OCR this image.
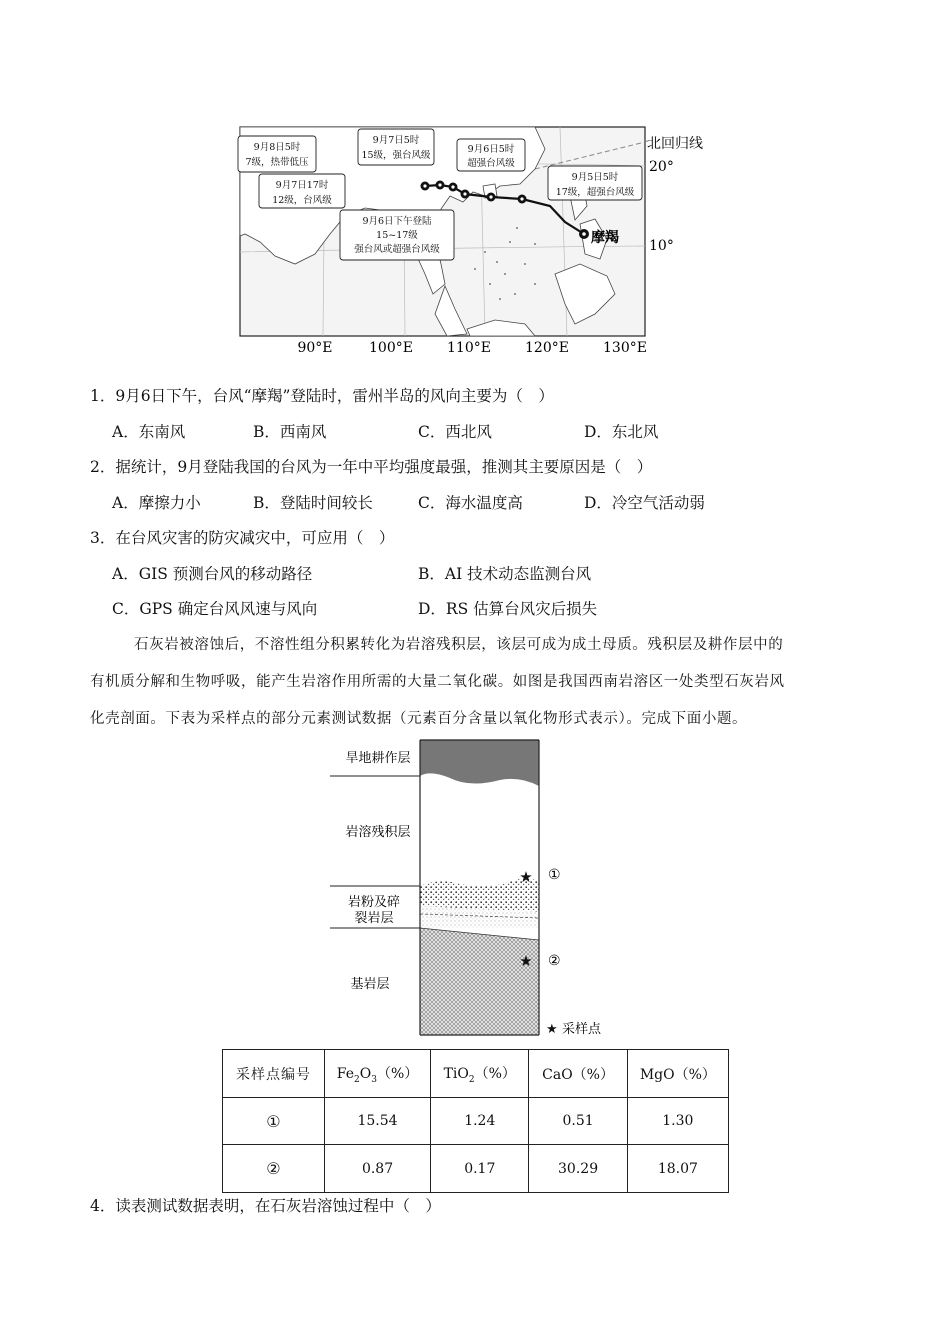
摩羯
9月8日5时
7级，热带低压
9月7日5时
15级，强台风级
9月6日5时
超强台风级
9月7日17时
12级，台风级
9月6日下午登陆
15~17级
强台风或超强台风级
9月5日5时
17级，超强台风级
北回归线
20°
10°
90°E	100°E 110°E 120°E 130°E
1．9月6日下午，台风“摩羯”登陆时，雷州半岛的风向主要为（　）
A．东南风	B．西南风	C．西北风	D．东北风
2．据统计，9月登陆我国的台风为一年中平均强度最强，推测其主要原因是（　）
A．摩擦力小	B．登陆时间较长	C．海水温度高	D．冷空气活动弱
3．在台风灾害的防灾减灾中，可应用（　）
A．GIS 预测台风的移动路径	B．AI 技术动态监测台风
C．GPS 确定台风风速与风向	D．RS 估算台风灾后损失
石灰岩被溶蚀后，不溶性组分积累转化为岩溶残积层，该层可成为成土母质。残积层及耕作层中的
有机质分解和生物呼吸，能产生岩溶作用所需的大量二氧化碳。如图是我国西南岩溶区一处类型石灰岩风
化壳剖面。下表为采样点的部分元素测试数据（元素百分含量以氧化物形式表示）。完成下面小题。
旱地耕作层
岩溶残积层
岩粉及碎
裂岩层
基岩层
★ ①
★ ②
★ 采样点
采样点编号	$Fe_2O_3(\%)$	TiO$_2$（%）	CaO（%）	MgO（%）
①	15.54	1.24	0.51	1.30
②	0.87	0.17	30.29	18.07
4．读表测试数据表明，在石灰岩溶蚀过程中（　）
